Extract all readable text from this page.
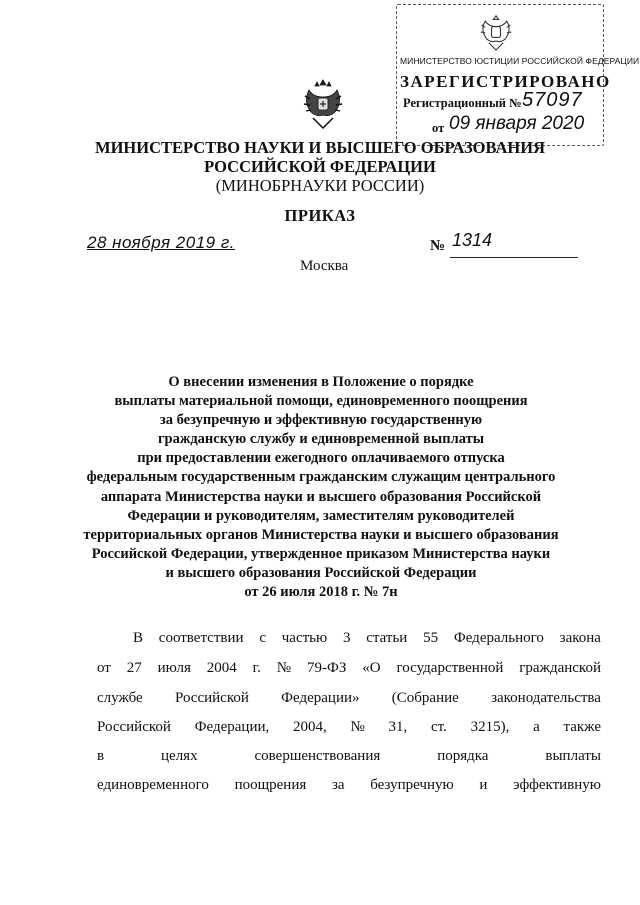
МИНИСТЕРСТВО ЮСТИЦИИ РОССИЙСКОЙ ФЕДЕРАЦИИ
ЗАРЕГИСТРИРОВАНО
Регистрационный № 57097
от 09 января 2020
МИНИСТЕРСТВО НАУКИ И ВЫСШЕГО ОБРАЗОВАНИЯ
РОССИЙСКОЙ ФЕДЕРАЦИИ
(МИНОБРНАУКИ РОССИИ)
ПРИКАЗ
28 ноября 2019 г.	№ 1314
Москва
О внесении изменения в Положение о порядке
выплаты материальной помощи, единовременного поощрения
за безупречную и эффективную государственную
гражданскую службу и единовременной выплаты
при предоставлении ежегодного оплачиваемого отпуска
федеральным государственным гражданским служащим центрального
аппарата Министерства науки и высшего образования Российской
Федерации и руководителям, заместителям руководителей
территориальных органов Министерства науки и высшего образования
Российской Федерации, утвержденное приказом Министерства науки
и высшего образования Российской Федерации
от 26 июля 2018 г. № 7н
В соответствии с частью 3 статьи 55 Федерального закона
от 27 июля 2004 г. № 79-ФЗ «О государственной гражданской
службе Российской Федерации» (Собрание законодательства
Российской Федерации, 2004, № 31, ст. 3215), а также
в	целях	совершенствования	порядка	выплаты
единовременного поощрения за безупречную и эффективную
